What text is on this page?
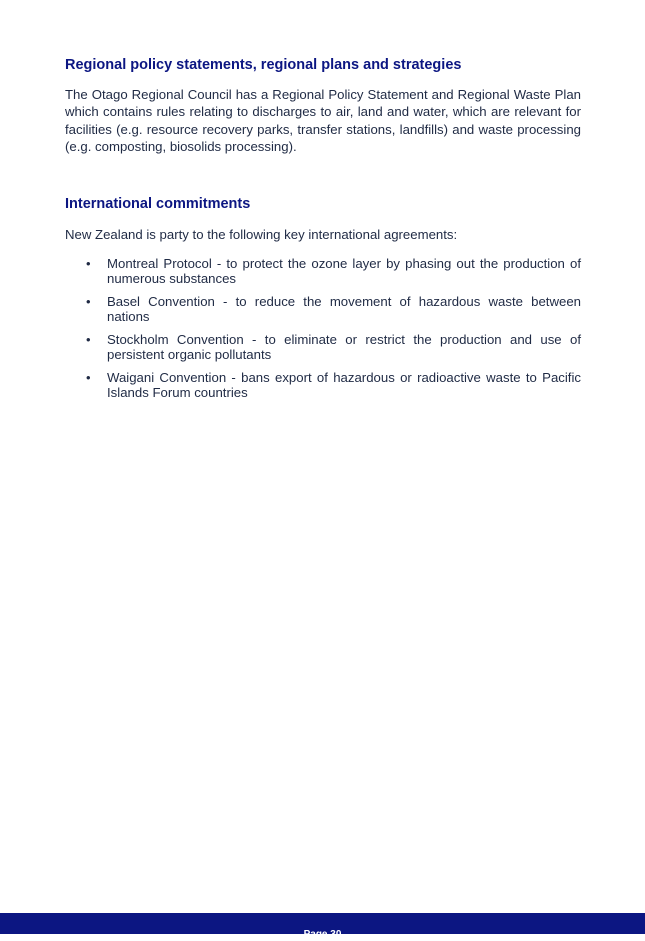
Regional policy statements, regional plans and strategies

The Otago Regional Council has a Regional Policy Statement and Regional Waste Plan which contains rules relating to discharges to air, land and water, which are relevant for facilities (e.g. resource recovery parks, transfer stations, landfills) and waste processing (e.g. composting, biosolids processing).

International commitments

New Zealand is party to the following key international agreements:

•	Montreal Protocol - to protect the ozone layer by phasing out the production of numerous substances
•	Basel Convention - to reduce the movement of hazardous waste between nations
•	Stockholm Convention - to eliminate or restrict the production and use of persistent organic pollutants
•	Waigani Convention - bans export of hazardous or radioactive waste to Pacific Islands Forum countries
Page 30
